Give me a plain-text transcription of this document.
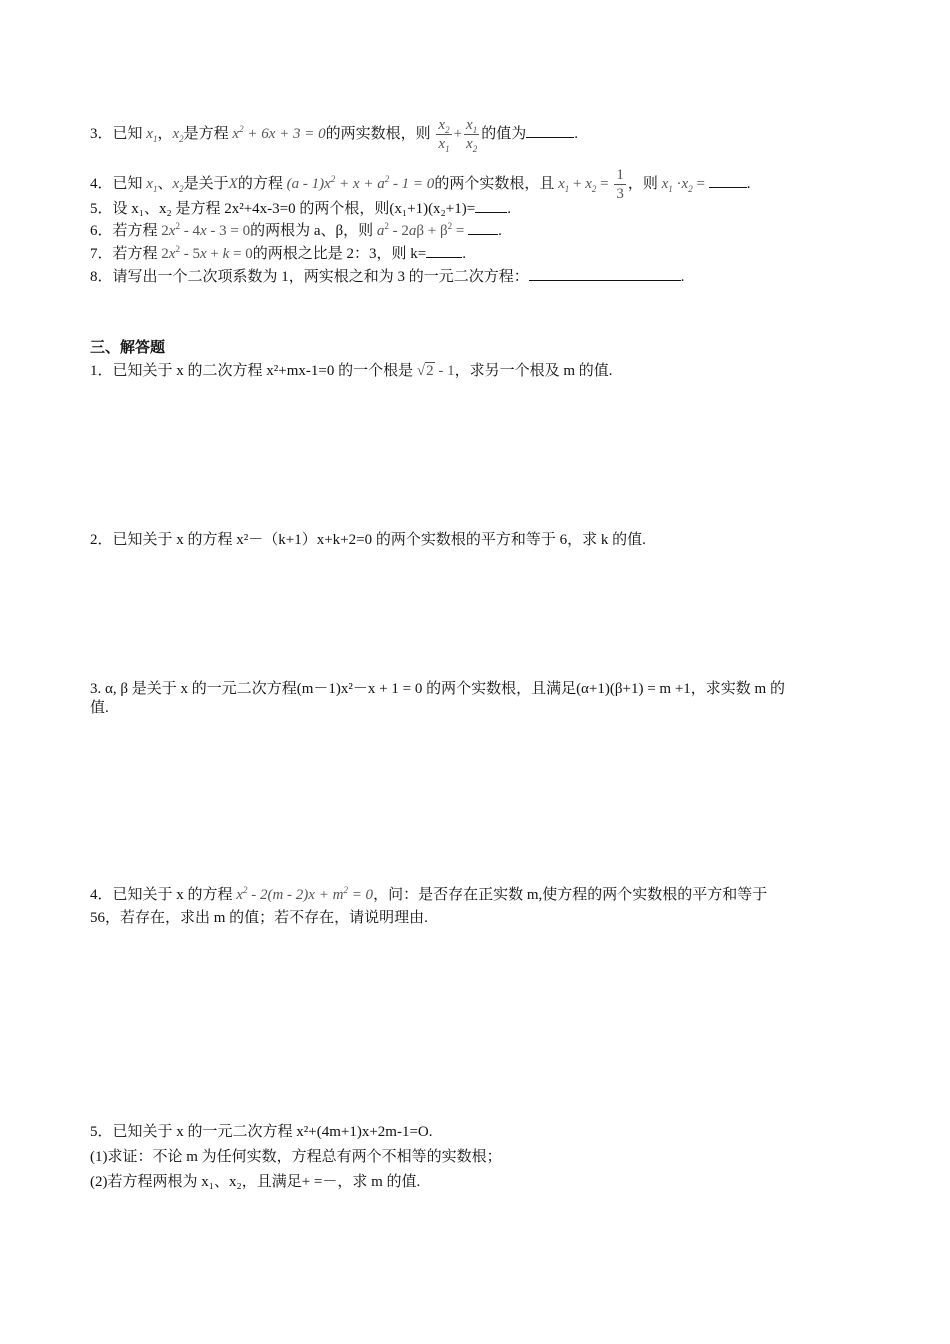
3．已知 $x_1$，$x_2$是方程 $x^2 + 6x + 3 = 0$的两实数根，则 $\frac{x_2}{x_1} + \frac{x_1}{x_2}$ 的值为	.
4．已知 $x_1$、$x_2$是关于X的方程 $(a - 1)x^2 + x + a^2 - 1 = 0$的两个实数根，且 $x_1 + x_2 = \frac{1}{3}$ ，则 $x_1 \cdot x_2$ =	.
5．设 x₁、x₂ 是方程 2x²+4x-3=0 的两个根，则(x₁+1)(x₂+1)= .
6．若方程 $2x^2 - 4x - 3 = 0$的两根为 a、β，则 $a^2 - 2a\beta + \beta^2$ = .
7．若方程 $2x^2 - 5x + k = 0$的两根之比是 2：3，则 k= .
8．请写出一个二次项系数为 1，两实根之和为 3 的一元二次方程：	.
三、解答题
1．已知关于 x 的二次方程 x²+mx-1=0 的一个根是 √2 - 1，求另一个根及 m 的值.
2．已知关于 x 的方程 x²－（k+1）x+k+2=0 的两个实数根的平方和等于 6，求 k 的值.
3. α, β 是关于 x 的一元二次方程(m－1)x²－x + 1 = 0 的两个实数根，且满足(α+1)(β+1) = m +1，求实数 m 的
值.
4．已知关于 x 的方程 $x^2 - 2(m - 2)x + m^2 = 0$，问：是否存在正实数 m,使方程的两个实数根的平方和等于
56，若存在，求出 m 的值；若不存在，请说明理由.
5．已知关于 x 的一元二次方程 x²+(4m+1)x+2m-1=O.
(1)求证：不论 m 为任何实数，方程总有两个不相等的实数根；
(2)若方程两根为 x₁、x₂，且满足+ =－，求 m 的值.
